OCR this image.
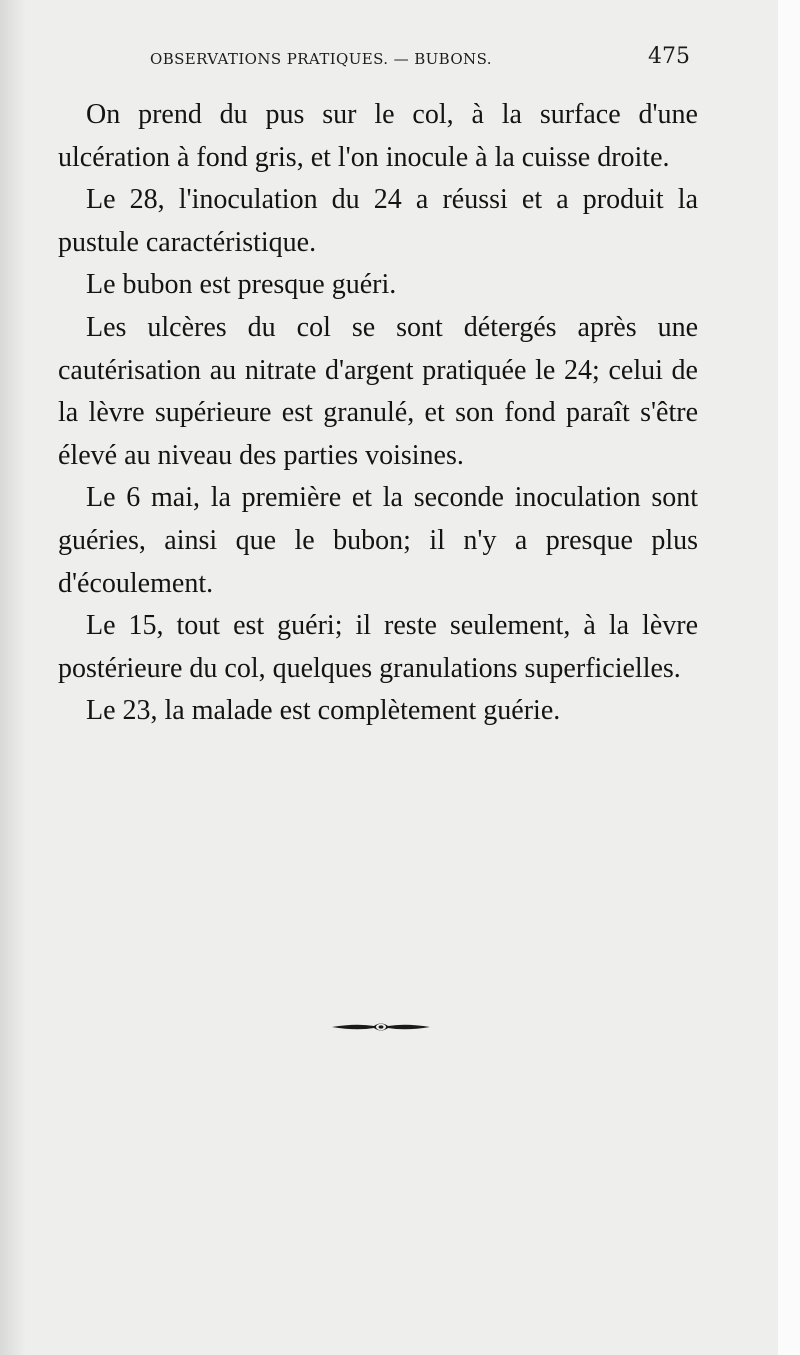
OBSERVATIONS PRATIQUES. — BUBONS.	475

On prend du pus sur le col, à la surface d'une ulcération à fond gris, et l'on inocule à la cuisse droite.

Le 28, l'inoculation du 24 a réussi et a produit la pustule caractéristique.

Le bubon est presque guéri.

Les ulcères du col se sont détergés après une cautérisation au nitrate d'argent pratiquée le 24; celui de la lèvre supérieure est granulé, et son fond paraît s'être élevé au niveau des parties voisines.

Le 6 mai, la première et la seconde inoculation sont guéries, ainsi que le bubon; il n'y a presque plus d'écoulement.

Le 15, tout est guéri; il reste seulement, à la lèvre postérieure du col, quelques granulations superficielles.

Le 23, la malade est complètement guérie.
